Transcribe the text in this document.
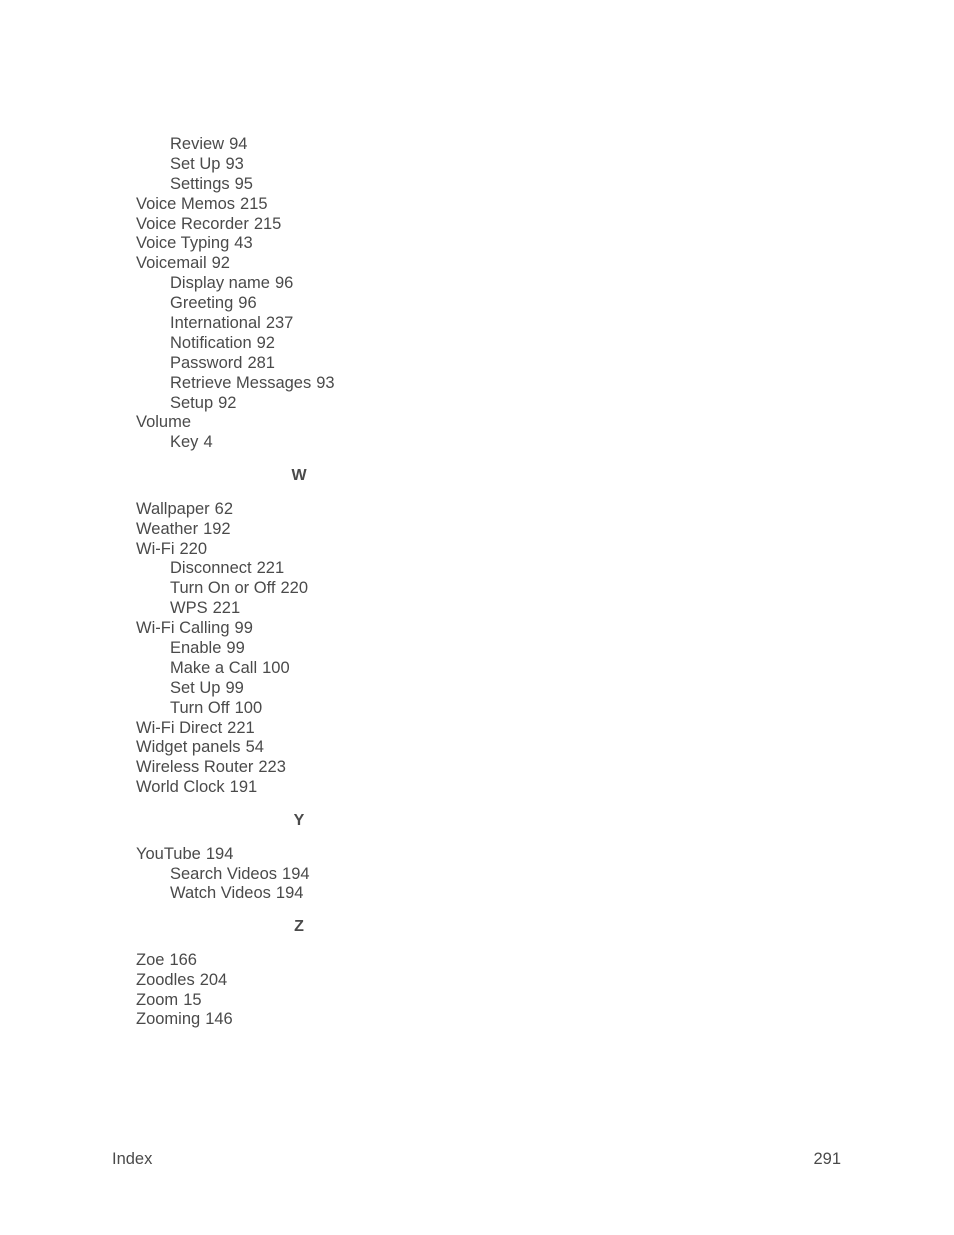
Review 94
Set Up 93
Settings 95
Voice Memos 215
Voice Recorder 215
Voice Typing 43
Voicemail 92
Display name 96
Greeting 96
International 237
Notification 92
Password 281
Retrieve Messages 93
Setup 92
Volume
Key 4
W
Wallpaper 62
Weather 192
Wi-Fi 220
Disconnect 221
Turn On or Off 220
WPS 221
Wi-Fi Calling 99
Enable 99
Make a Call 100
Set Up 99
Turn Off 100
Wi-Fi Direct 221
Widget panels 54
Wireless Router 223
World Clock 191
Y
YouTube 194
Search Videos 194
Watch Videos 194
Z
Zoe 166
Zoodles 204
Zoom 15
Zooming 146
Index	291
